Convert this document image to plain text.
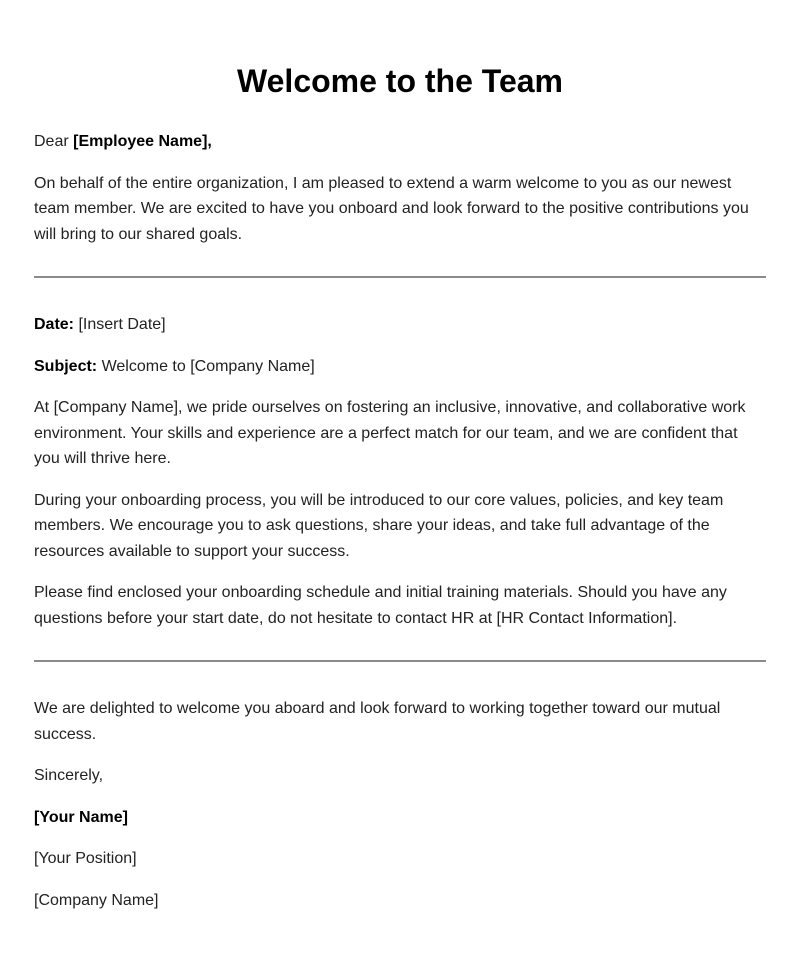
Welcome to the Team

Dear [Employee Name],

On behalf of the entire organization, I am pleased to extend a warm welcome to you as our newest team member. We are excited to have you onboard and look forward to the positive contributions you will bring to our shared goals.

Date: [Insert Date]

Subject: Welcome to [Company Name]

At [Company Name], we pride ourselves on fostering an inclusive, innovative, and collaborative work environment. Your skills and experience are a perfect match for our team, and we are confident that you will thrive here.

During your onboarding process, you will be introduced to our core values, policies, and key team members. We encourage you to ask questions, share your ideas, and take full advantage of the resources available to support your success.

Please find enclosed your onboarding schedule and initial training materials. Should you have any questions before your start date, do not hesitate to contact HR at [HR Contact Information].

We are delighted to welcome you aboard and look forward to working together toward our mutual success.

Sincerely,

[Your Name]

[Your Position]

[Company Name]
